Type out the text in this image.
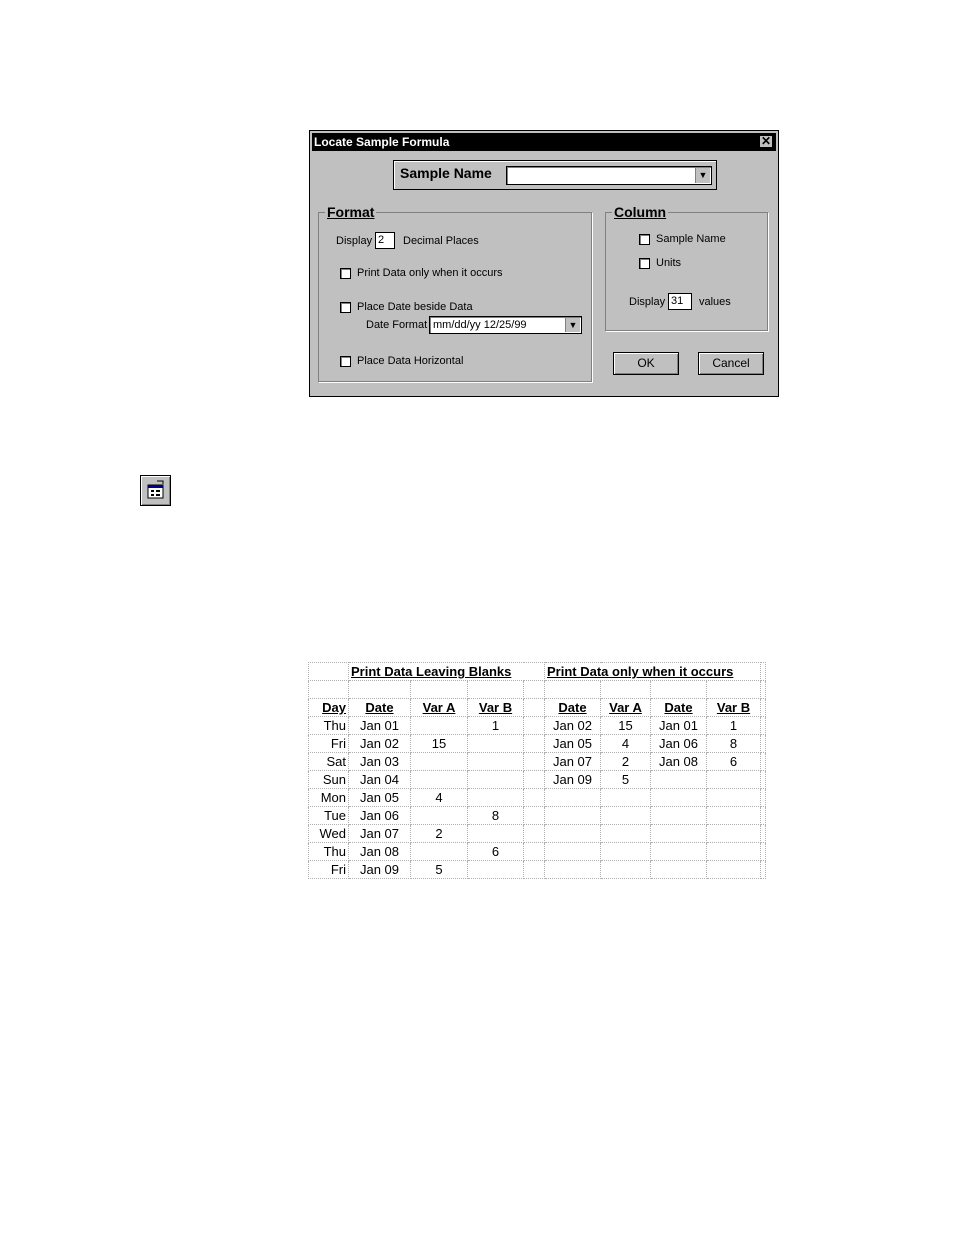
Locate Sample Formula	✕
Sample Name	▼
Format
Display 2	Decimal Places
Print Data only when it occurs
Place Date beside Data
Date Format mm/dd/yy 12/25/99	▼
Place Data Horizontal
Column
Sample Name
Units
Display 31	values
OK	Cancel
	Print Data Leaving Blanks				Print Data only when it occurs				

Day	Date	Var A	Var B		Date	Var A	Date	Var B	
Thu	Jan 01		1		Jan 02	15	Jan 01	1	
Fri	Jan 02	15			Jan 05	4	Jan 06	8	
Sat	Jan 03				Jan 07	2	Jan 08	6	
Sun	Jan 04				Jan 09	5			
Mon	Jan 05	4							
Tue	Jan 06		8						
Wed	Jan 07	2							
Thu	Jan 08		6						
Fri	Jan 09	5							
